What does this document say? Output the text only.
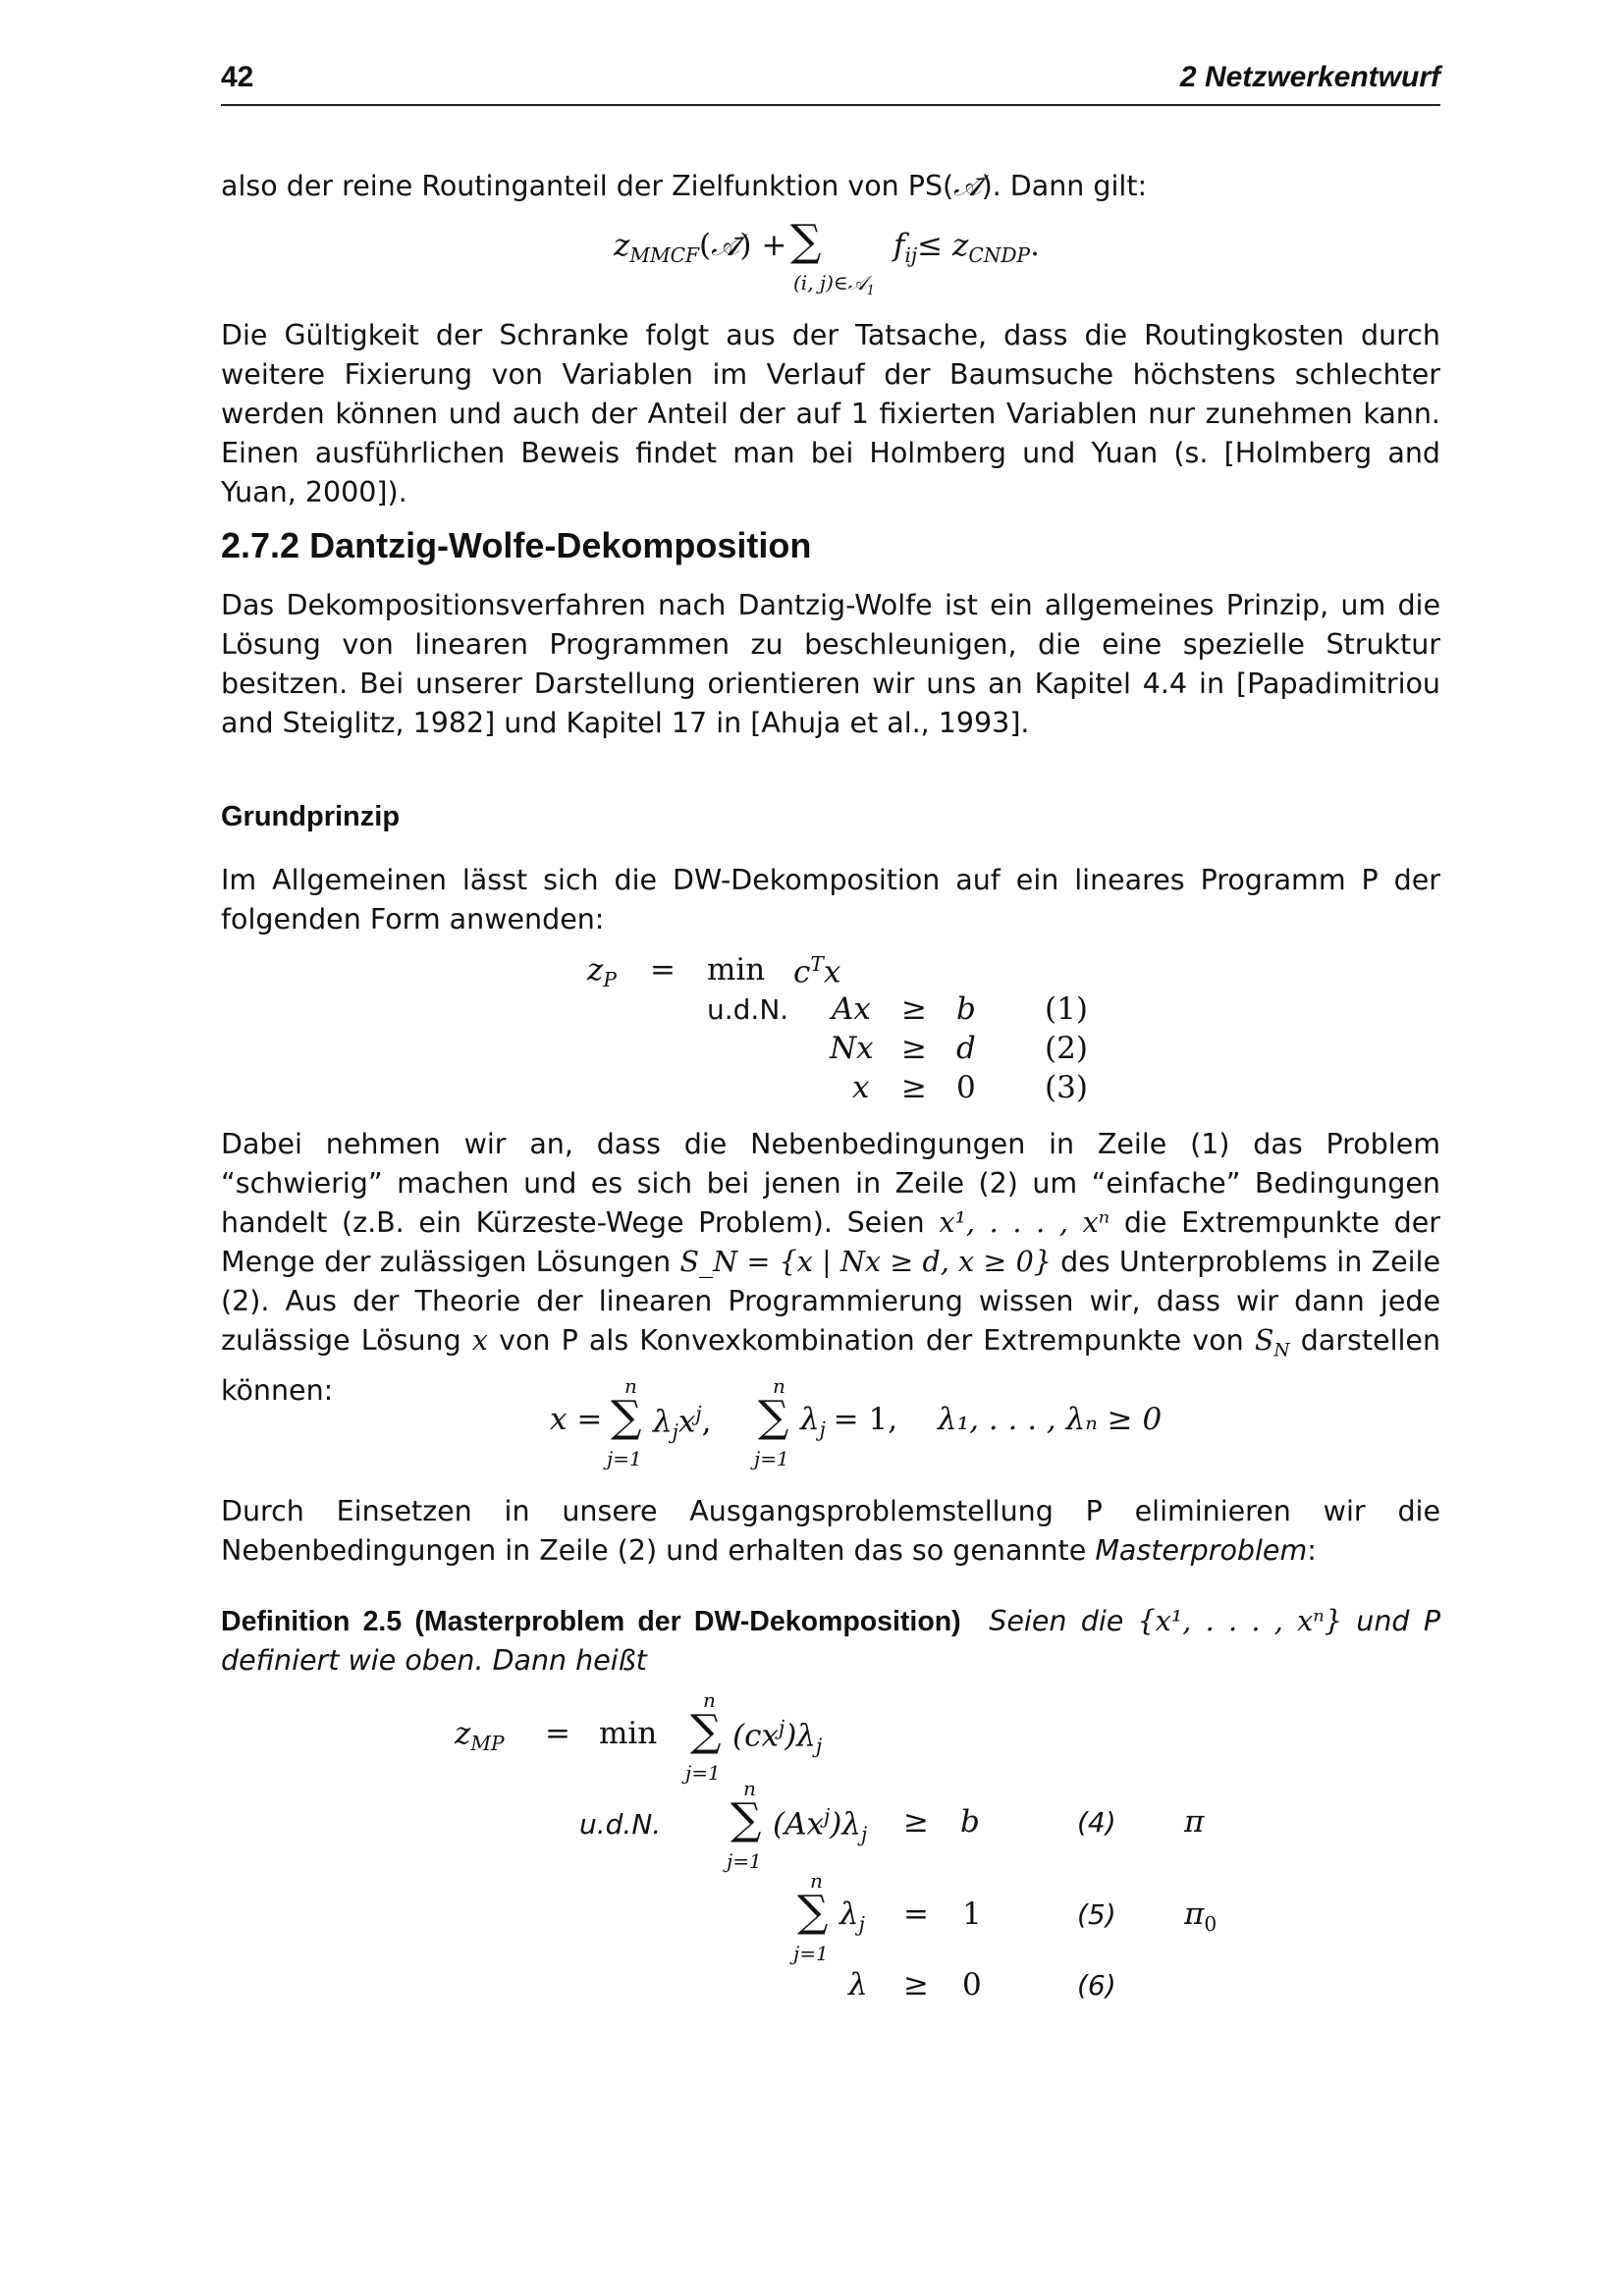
42	2 Netzwerkentwurf
also der reine Routinganteil der Zielfunktion von PS(𝒜̄). Dann gilt:
$z_{MMCF}(𝒜̄)$ + ∑
(i, j)∈𝒜$_1$
$f_{ij}\le z_{CNDP}$.
Die Gültigkeit der Schranke folgt aus der Tatsache, dass die Routingkosten durch weitere Fixierung von Variablen im Verlauf der Baumsuche höchstens schlechter werden können und auch der Anteil der auf 1 fixierten Variablen nur zunehmen kann. Einen ausführlichen Beweis findet man bei Holmberg und Yuan (s. [Holmberg and Yuan, 2000]).
2.7.2 Dantzig-Wolfe-Dekomposition
Das Dekompositionsverfahren nach Dantzig-Wolfe ist ein allgemeines Prinzip, um die Lösung von linearen Programmen zu beschleunigen, die eine spezielle Struktur besitzen. Bei unserer Darstellung orientieren wir uns an Kapitel 4.4 in [Papadimitriou and Steiglitz, 1982] und Kapitel 17 in [Ahuja et al., 1993].
Grundprinzip
Im Allgemeinen lässt sich die DW-Dekomposition auf ein lineares Programm P der folgenden Form anwenden:
$z_P = \min c^Tx$
u.d.N. Ax ≥ b (1)
Nx ≥ d (2)
x ≥ 0 (3)
Dabei nehmen wir an, dass die Nebenbedingungen in Zeile (1) das Problem “schwierig” machen und es sich bei jenen in Zeile (2) um “einfache” Bedingungen handelt (z.B. ein Kürzeste-Wege Problem). Seien x¹, . . . , xⁿ die Extrempunkte der Menge der zulässigen Lösungen S_N = {x | Nx ≥ d, x ≥ 0} des Unterproblems in Zeile (2). Aus der Theorie der linearen Programmierung wissen wir, dass wir dann jede zulässige Lösung x von P als Konvexkombination der Extrempunkte von $S_N$ darstellen können:
x =
n
∑
j=1
$\lambda_jx^j$,
n
∑
j=1
$\lambda_j = 1$, λ₁, . . . , λₙ ≥ 0
Durch Einsetzen in unsere Ausgangsproblemstellung P eliminieren wir die Nebenbedingungen in Zeile (2) und erhalten das so genannte Masterproblem:
Definition 2.5 (Masterproblem der DW-Dekomposition) Seien die {x¹, . . . , xⁿ} und P definiert wie oben. Dann heißt
$z_{MP} = \min$
n
∑
j=1
$(cx^j)\lambda_j$
u.d.N.
n
∑
j=1
$(Ax^j)\lambda_j \ge b$	(4) π
n
∑
j=1
$\lambda_j = 1$	(5) $\pi_0$
λ ≥ 0	(6)
